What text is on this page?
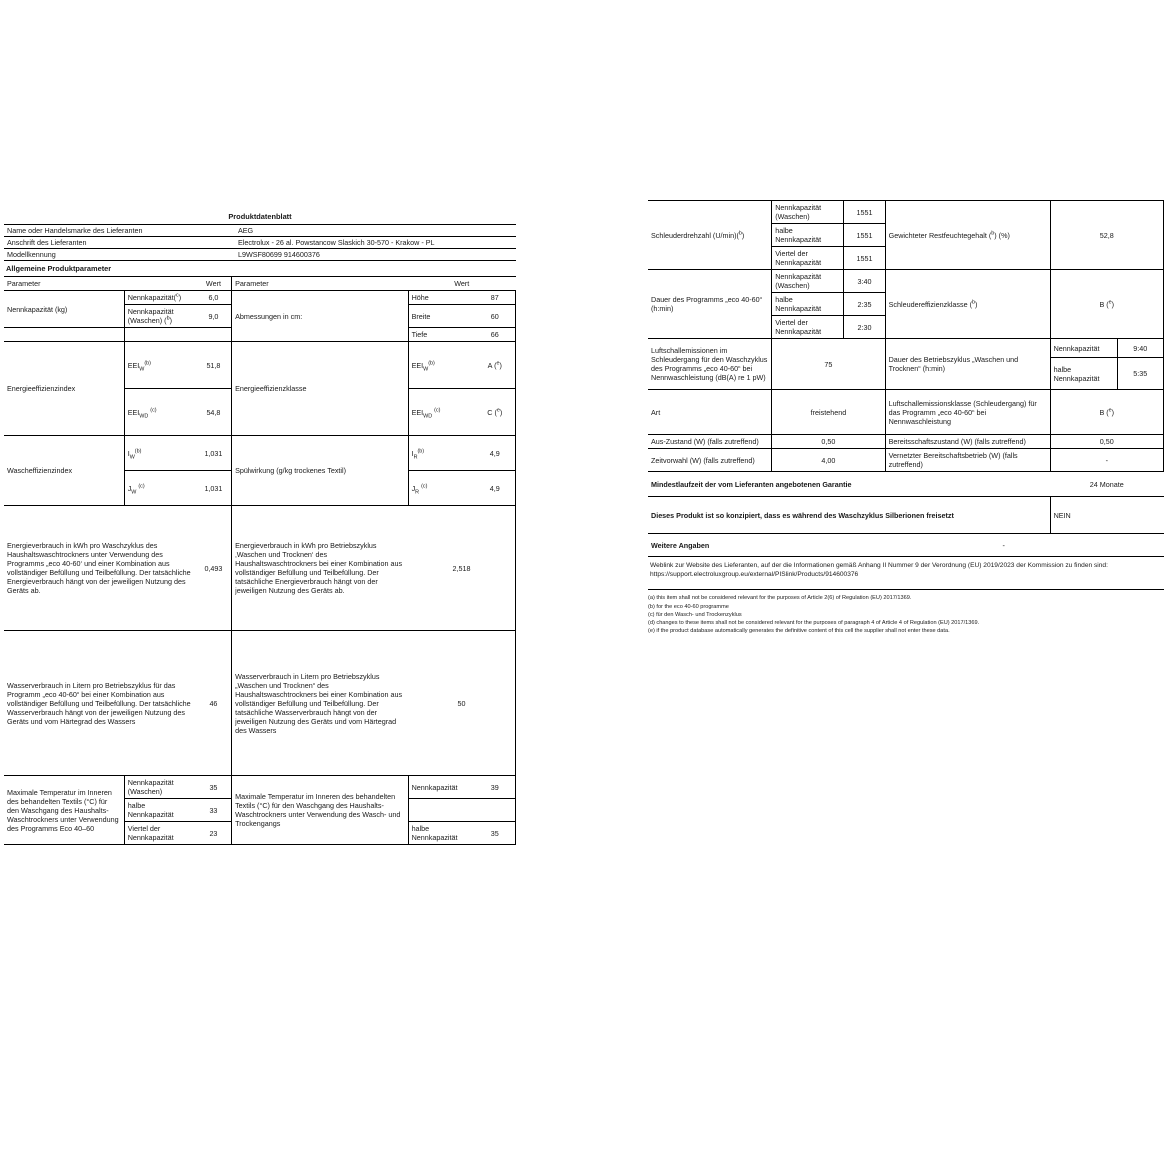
Produktdatenblatt
Name oder Handelsmarke des Lieferanten	AEG
Anschrift des Lieferanten	Electrolux - 26 al. Powstancow Slaskich 30-570 - Krakow - PL
Modellkennung	L9WSF80699 914600376
Allgemeine Produktparameter
Parameter		Wert	Parameter	Wert	
Nennkapazität (kg)	Nennkapazität($^c$)	6,0	Abmessungen in cm:	Höhe	87
	Nennkapazität (Waschen) ($^b$)	9,0		Breite	60
				Tiefe	66
Energieeffizienzindex	$EEI_W^{(b)}$	51,8	Energieeffizienzklasse	$EEI_W^{(b)}$	A ($^e$)
	$EEI_{WD}$ $^{(c)}$	54,8		$EEI_{WD}$ $^{(c)}$	C ($^e$)
Wascheffizienzindex	$I_W^{(b)}$	1,031	Spülwirkung (g/kg trockenes Textil)	$I_R^{(b)}$	4,9
	$J_W$ $^{(c)}$	1,031		$J_R$ $^{(c)}$	4,9
Energieverbrauch in kWh pro Waschzyklus des Haushaltswaschtrockners unter Verwendung des Programms „eco 40-60‘ und einer Kombination aus vollständiger Befüllung und Teilbefüllung. Der tatsächliche Energieverbrauch hängt von der jeweiligen Nutzung des Geräts ab.	0,493	Energieverbrauch in kWh pro Betriebszyklus ‚Waschen und Trocknen‘ des Haushaltswaschtrockners bei einer Kombination aus vollständiger Befüllung und Teilbefüllung. Der tatsächliche Energieverbrauch hängt von der jeweiligen Nutzung des Geräts ab.	2,518
Wasserverbrauch in Litern pro Betriebszyklus für das Programm „eco 40-60“ bei einer Kombination aus vollständiger Befüllung und Teilbefüllung. Der tatsächliche Wasserverbrauch hängt von der jeweiligen Nutzung des Geräts und vom Härtegrad des Wassers	46	Wasserverbrauch in Litern pro Betriebszyklus „Waschen und Trocknen“ des Haushaltswaschtrockners bei einer Kombination aus vollständiger Befüllung und Teilbefüllung. Der tatsächliche Wasserverbrauch hängt von der jeweiligen Nutzung des Geräts und vom Härtegrad des Wassers	50
Maximale Temperatur im Inneren des behandelten Textils (°C) für den Waschgang des Haushalts-Waschtrockners unter Verwendung des Programms Eco 40–60	Nennkapazität (Waschen)	35	Maximale Temperatur im Inneren des behandelten Textils (°C) für den Waschgang des Haushalts-Waschtrockners unter Verwendung des Wasch- und Trockengangs	Nennkapazität	39
	halbe Nennkapazität	33			
	Viertel der Nennkapazität	23		halbe Nennkapazität	35
Schleuderdrehzahl (U/min)($^b$)	Nennkapazität (Waschen)	1551	Gewichteter Restfeuchtegehalt ($^b$) (%)	52,8	
	halbe Nennkapazität	1551			
	Viertel der Nennkapazität	1551			
Dauer des Programms „eco 40-60“ (h:min)	Nennkapazität (Waschen)	3:40	Schleudereffizienzklasse ($^b$)	B ($^e$)	
	halbe Nennkapazität	2:35			
	Viertel der Nennkapazität	2:30			
Luftschallemissionen im Schleudergang für den Waschzyklus des Programms „eco 40-60“ bei Nennwaschleistung (dB(A) re 1 pW)	75		Dauer des Betriebszyklus „Waschen und Trocknen“ (h:min)	Nennkapazität	9:40
				halbe Nennkapazität	5:35
Art	freistehend		Luftschallemissionsklasse (Schleudergang) für das Programm „eco 40-60“ bei Nennwaschleistung	B ($^e$)	
Aus-Zustand (W) (falls zutreffend)	0,50		Bereitsschaftszustand (W) (falls zutreffend)	0,50	
Zeitvorwahl (W) (falls zutreffend)	4,00		Vernetzter Bereitschaftsbetrieb (W) (falls zutreffend)	-	
Mindestlaufzeit der vom Lieferanten angebotenen Garantie				24 Monate	
Dieses Produkt ist so konzipiert, dass es während des Waschzyklus Silberionen freisetzt				NEIN	
Weitere Angaben		-			
Weblink zur Website des Lieferanten, auf der die Informationen gemäß Anhang II Nummer 9 der Verordnung (EU) 2019/2023 der Kommission zu finden sind: https://support.electroluxgroup.eu/external/PISlink/Products/914600376
(a) this item shall not be considered relevant for the purposes of Article 2(6) of Regulation (EU) 2017/1369.
(b) for the eco 40-60 programme
(c) für den Wasch- und Trockenzyklus
(d) changes to these items shall not be considered relevant for the purposes of paragraph 4 of Article 4 of Regulation (EU) 2017/1369.
(e) if the product database automatically generates the definitive content of this cell the supplier shall not enter these data.
